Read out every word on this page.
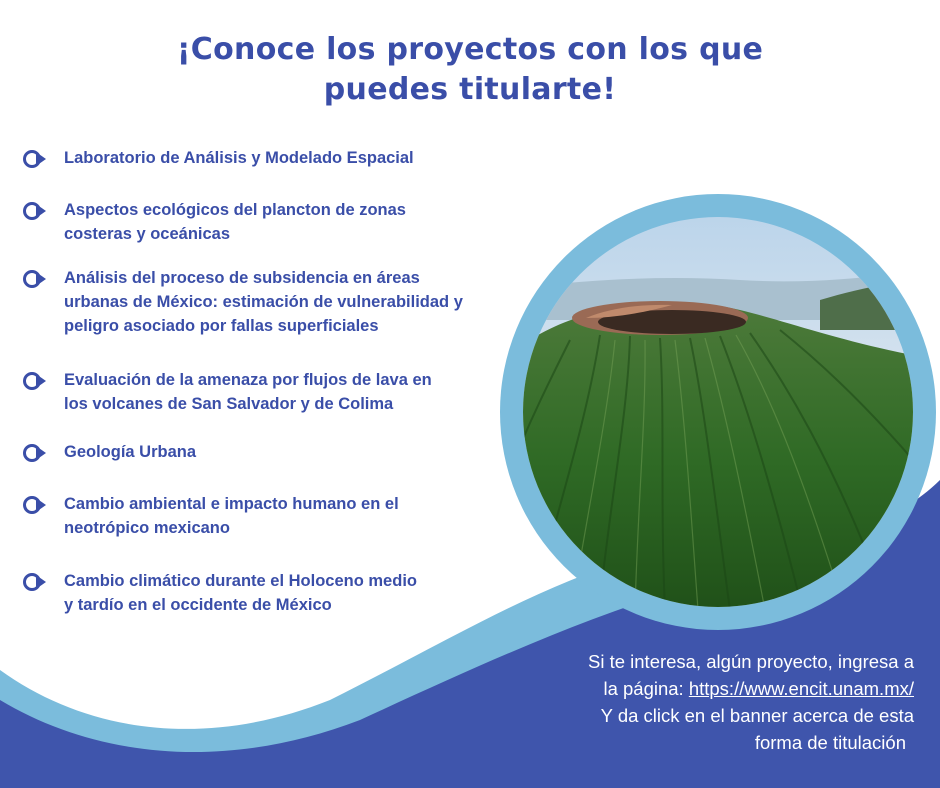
¡Conoce los proyectos con los que
puedes titularte!
Laboratorio de Análisis y Modelado Espacial
Aspectos ecológicos del plancton de zonas
costeras y oceánicas
Análisis del proceso de subsidencia en áreas
urbanas de México: estimación de vulnerabilidad y
peligro asociado por fallas superficiales
Evaluación de la amenaza por flujos de lava en
los volcanes de San Salvador y de Colima
Geología Urbana
Cambio ambiental e impacto humano en el
neotrópico mexicano
Cambio climático durante el Holoceno medio
y tardío en el occidente de México
Si te interesa, algún proyecto, ingresa a
la página: https://www.encit.unam.mx/
Y da click en el banner acerca de esta
forma de titulación
